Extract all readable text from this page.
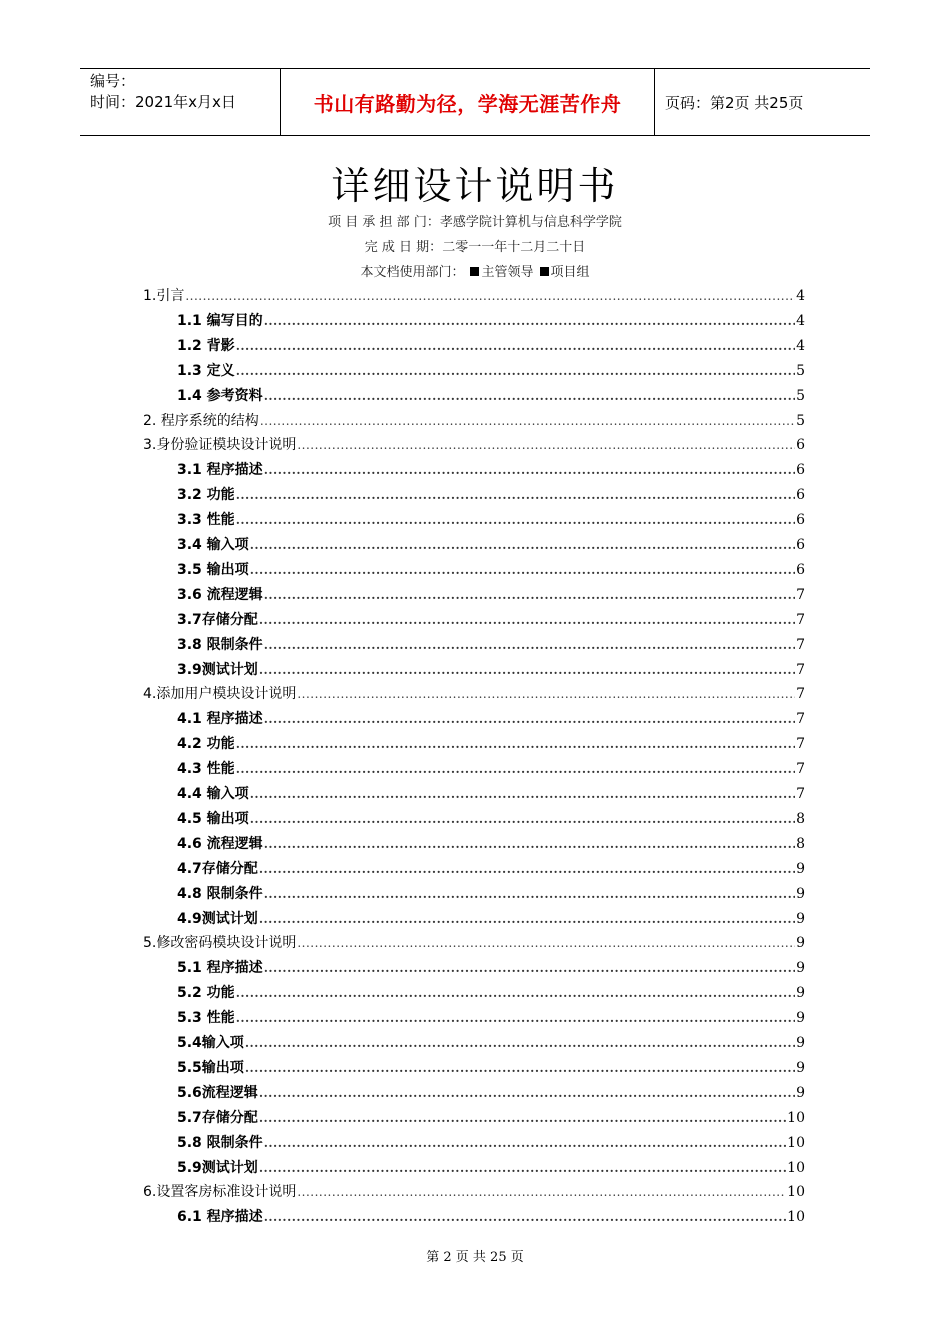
编号：
时间：2021年x月x日	书山有路勤为径，学海无涯苦作舟	页码：第2页 共25页
详细设计说明书
项 目 承 担 部 门：孝感学院计算机与信息科学学院
完 成 日 期：二零一一年十二月二十日
本文档使用部门： 主管领导 项目组
1.引言 .....	4
1.1 编写目的 .....	4
1.2 背影 .....	4
1.3 定义 .....	5
1.4 参考资料 .....	5
2. 程序系统的结构 .....	5
3.身份验证模块设计说明 .....	6
3.1 程序描述 .....	6
3.2 功能 .....	6
3.3 性能 .....	6
3.4 输入项 .....	6
3.5 输出项 .....	6
3.6 流程逻辑 .....	7
3.7存储分配 .....	7
3.8 限制条件 .....	7
3.9测试计划 .....	7
4.添加用户模块设计说明 .....	7
4.1 程序描述 .....	7
4.2 功能 .....	7
4.3 性能 .....	7
4.4 输入项 .....	7
4.5 输出项 .....	8
4.6 流程逻辑 .....	8
4.7存储分配 .....	9
4.8 限制条件 .....	9
4.9测试计划 .....	9
5.修改密码模块设计说明 .....	9
5.1 程序描述 .....	9
5.2 功能 .....	9
5.3 性能 .....	9
5.4输入项 .....	9
5.5输出项 .....	9
5.6流程逻辑 .....	9
5.7存储分配 .....	10
5.8 限制条件 .....	10
5.9测试计划 .....	10
6.设置客房标准设计说明 .....	10
6.1 程序描述 .....	10
第 2 页 共 25 页
